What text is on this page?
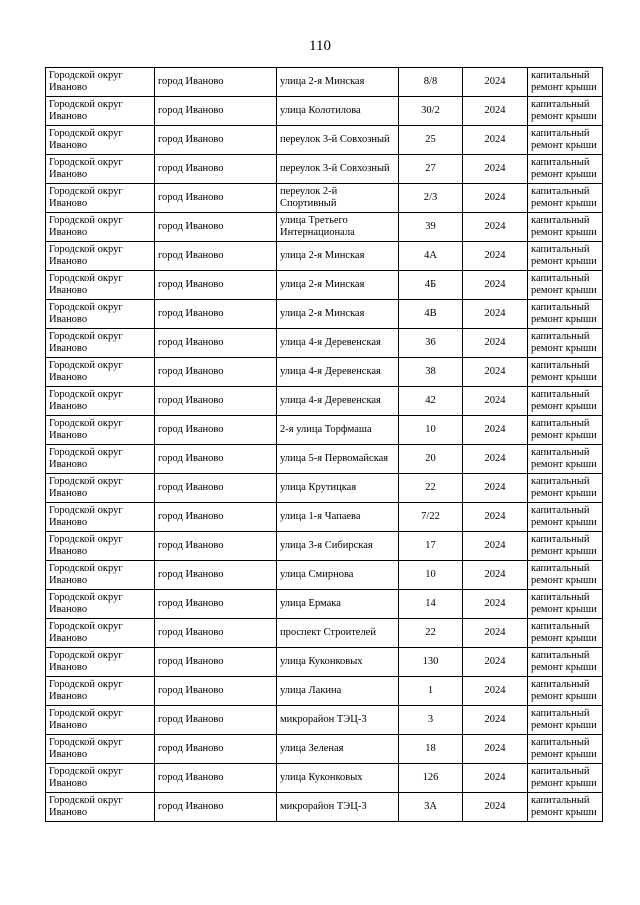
110
Городской округ Иваново	город Иваново	улица 2-я Минская	8/8	2024	капитальный ремонт крыши
Городской округ Иваново	город Иваново	улица Колотилова	30/2	2024	капитальный ремонт крыши
Городской округ Иваново	город Иваново	переулок 3-й Совхозный	25	2024	капитальный ремонт крыши
Городской округ Иваново	город Иваново	переулок 3-й Совхозный	27	2024	капитальный ремонт крыши
Городской округ Иваново	город Иваново	переулок 2-й Спортивный	2/3	2024	капитальный ремонт крыши
Городской округ Иваново	город Иваново	улица Третьего Интернационала	39	2024	капитальный ремонт крыши
Городской округ Иваново	город Иваново	улица 2-я Минская	4А	2024	капитальный ремонт крыши
Городской округ Иваново	город Иваново	улица 2-я Минская	4Б	2024	капитальный ремонт крыши
Городской округ Иваново	город Иваново	улица 2-я Минская	4В	2024	капитальный ремонт крыши
Городской округ Иваново	город Иваново	улица 4-я Деревенская	36	2024	капитальный ремонт крыши
Городской округ Иваново	город Иваново	улица 4-я Деревенская	38	2024	капитальный ремонт крыши
Городской округ Иваново	город Иваново	улица 4-я Деревенская	42	2024	капитальный ремонт крыши
Городской округ Иваново	город Иваново	2-я улица Торфмаша	10	2024	капитальный ремонт крыши
Городской округ Иваново	город Иваново	улица 5-я Первомайская	20	2024	капитальный ремонт крыши
Городской округ Иваново	город Иваново	улица Крутицкая	22	2024	капитальный ремонт крыши
Городской округ Иваново	город Иваново	улица 1-я Чапаева	7/22	2024	капитальный ремонт крыши
Городской округ Иваново	город Иваново	улица 3-я Сибирская	17	2024	капитальный ремонт крыши
Городской округ Иваново	город Иваново	улица Смирнова	10	2024	капитальный ремонт крыши
Городской округ Иваново	город Иваново	улица Ермака	14	2024	капитальный ремонт крыши
Городской округ Иваново	город Иваново	проспект Строителей	22	2024	капитальный ремонт крыши
Городской округ Иваново	город Иваново	улица Куконковых	130	2024	капитальный ремонт крыши
Городской округ Иваново	город Иваново	улица Лакина	1	2024	капитальный ремонт крыши
Городской округ Иваново	город Иваново	микрорайон ТЭЦ-3	3	2024	капитальный ремонт крыши
Городской округ Иваново	город Иваново	улица Зеленая	18	2024	капитальный ремонт крыши
Городской округ Иваново	город Иваново	улица Куконковых	126	2024	капитальный ремонт крыши
Городской округ Иваново	город Иваново	микрорайон ТЭЦ-3	3А	2024	капитальный ремонт крыши
